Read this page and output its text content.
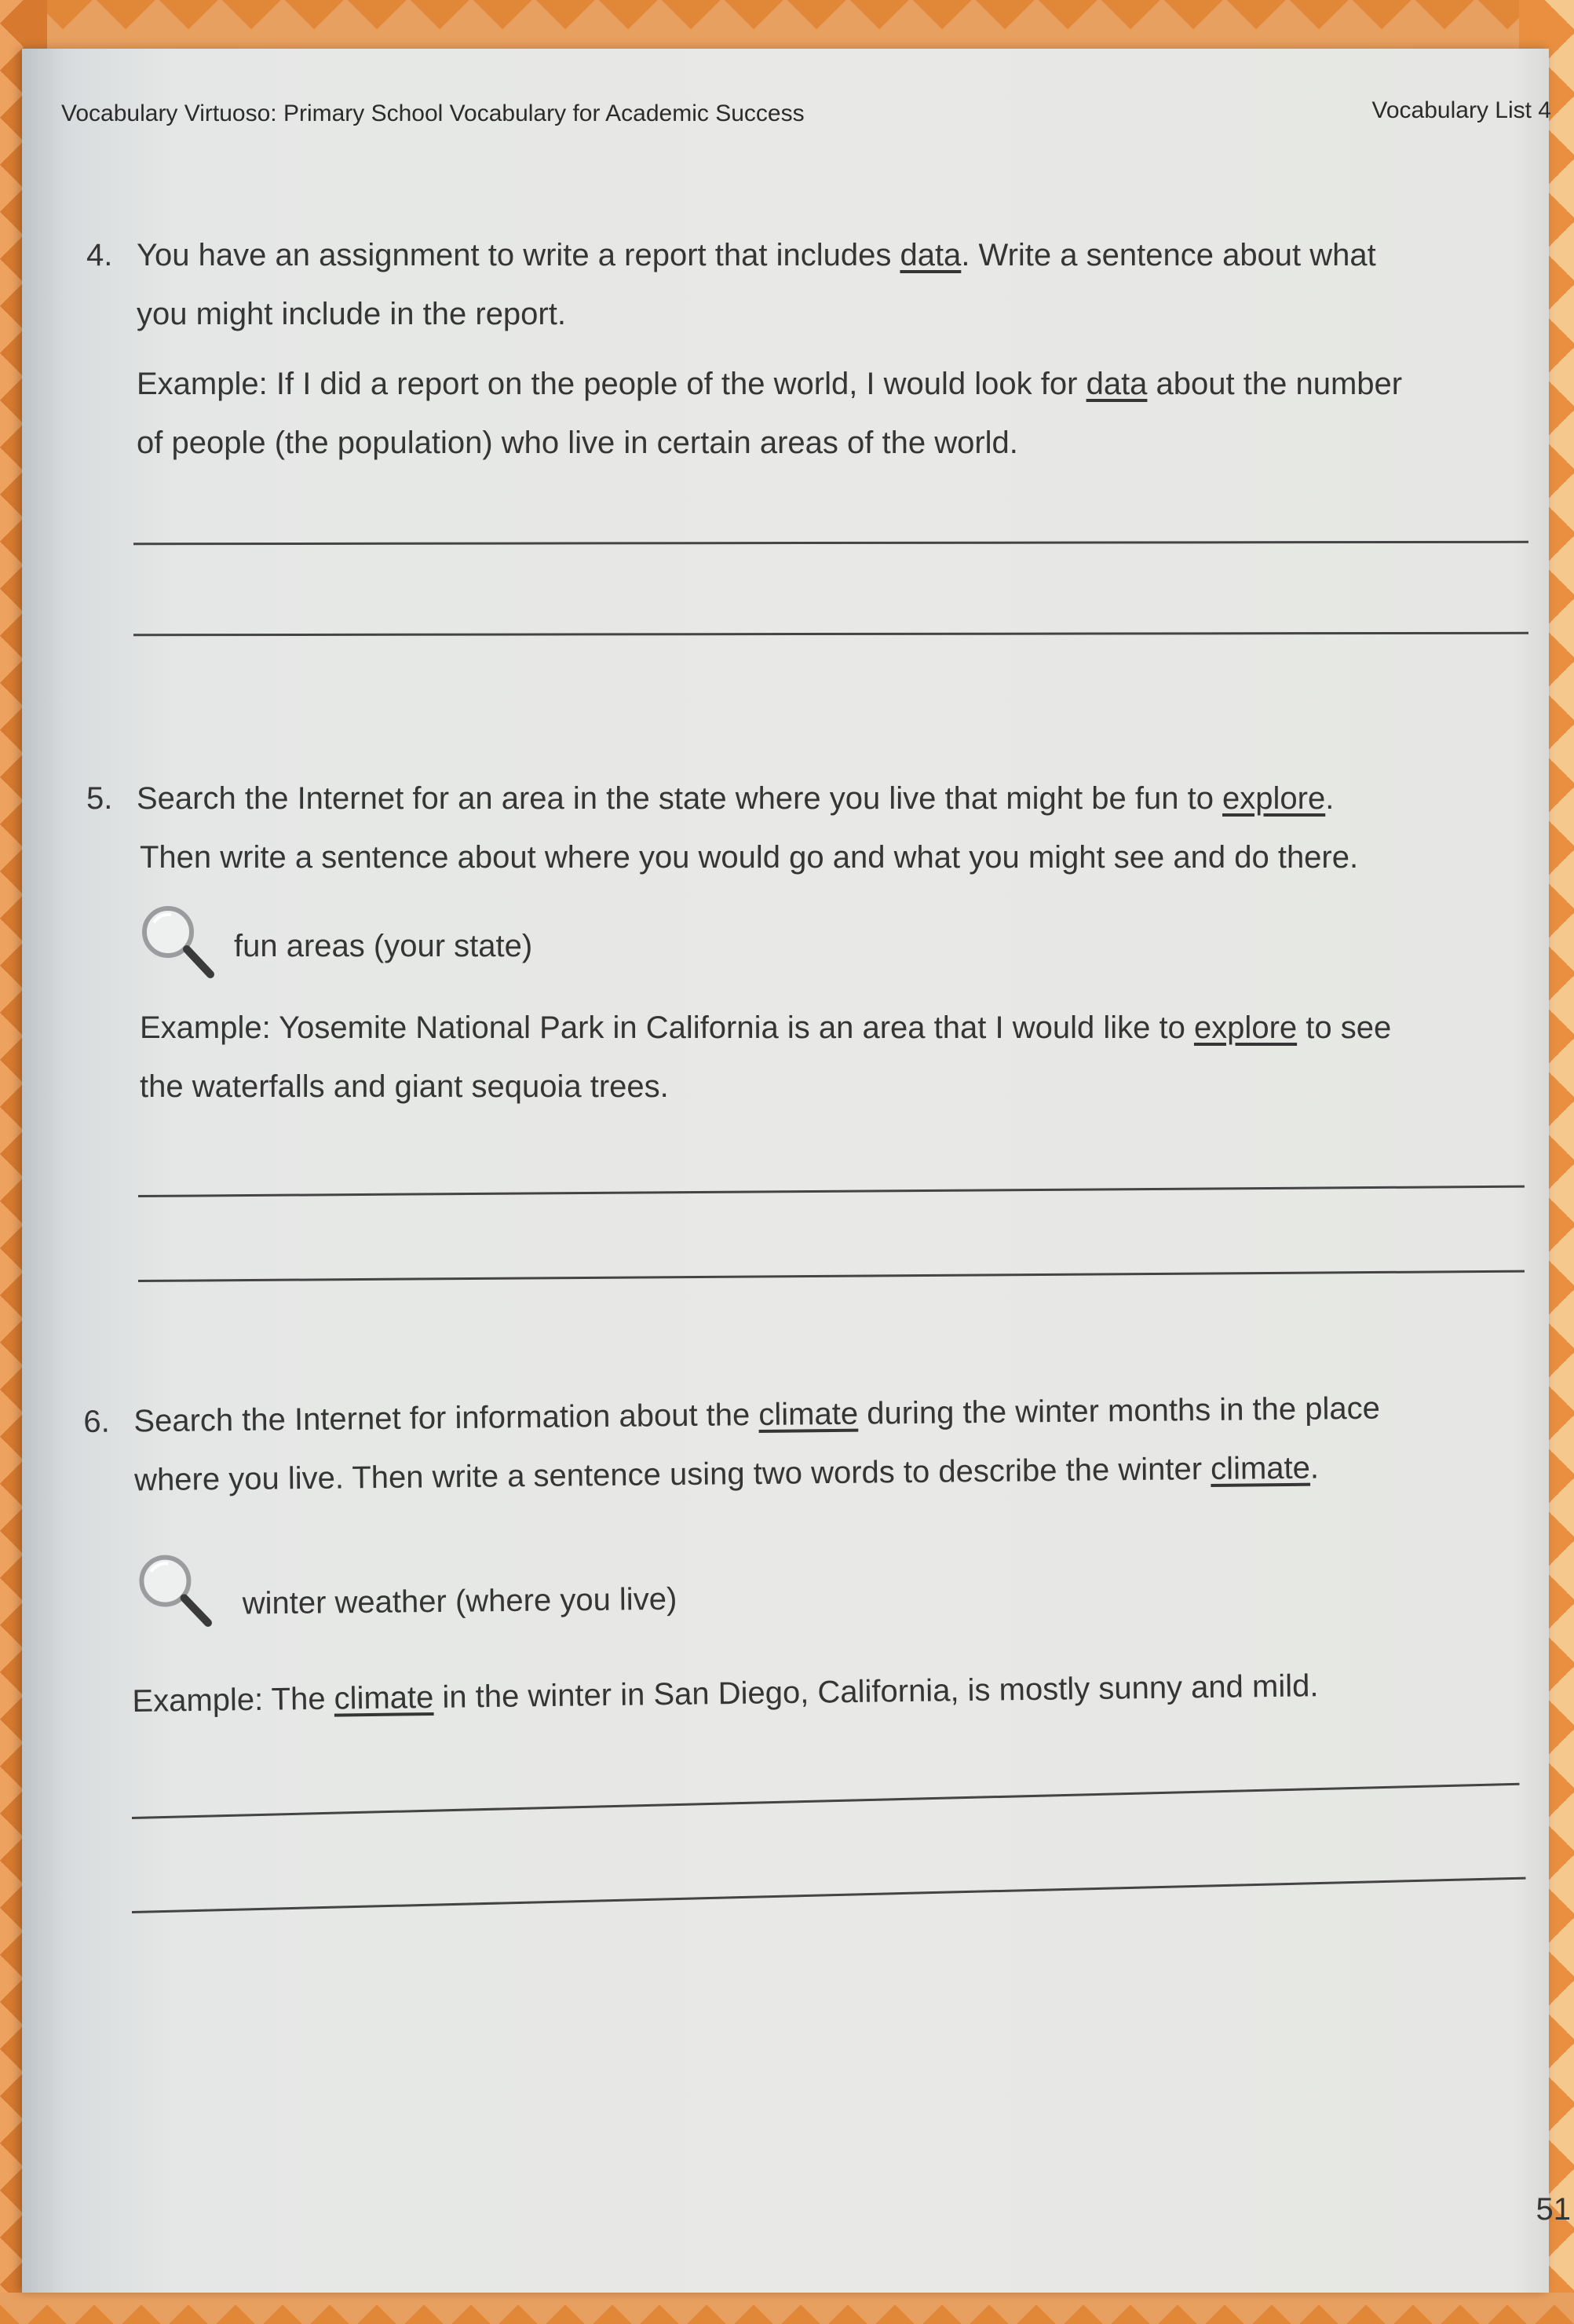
Vocabulary Virtuoso: Primary School Vocabulary for Academic Success	Vocabulary List 4
4. You have an assignment to write a report that includes data. Write a sentence about what
you might include in the report.
Example: If I did a report on the people of the world, I would look for data about the number
of people (the population) who live in certain areas of the world.
5. Search the Internet for an area in the state where you live that might be fun to explore.
Then write a sentence about where you would go and what you might see and do there.
fun areas (your state)
Example: Yosemite National Park in California is an area that I would like to explore to see
the waterfalls and giant sequoia trees.
6. Search the Internet for information about the climate during the winter months in the place
where you live. Then write a sentence using two words to describe the winter climate.
winter weather (where you live)
Example: The climate in the winter in San Diego, California, is mostly sunny and mild.
51
